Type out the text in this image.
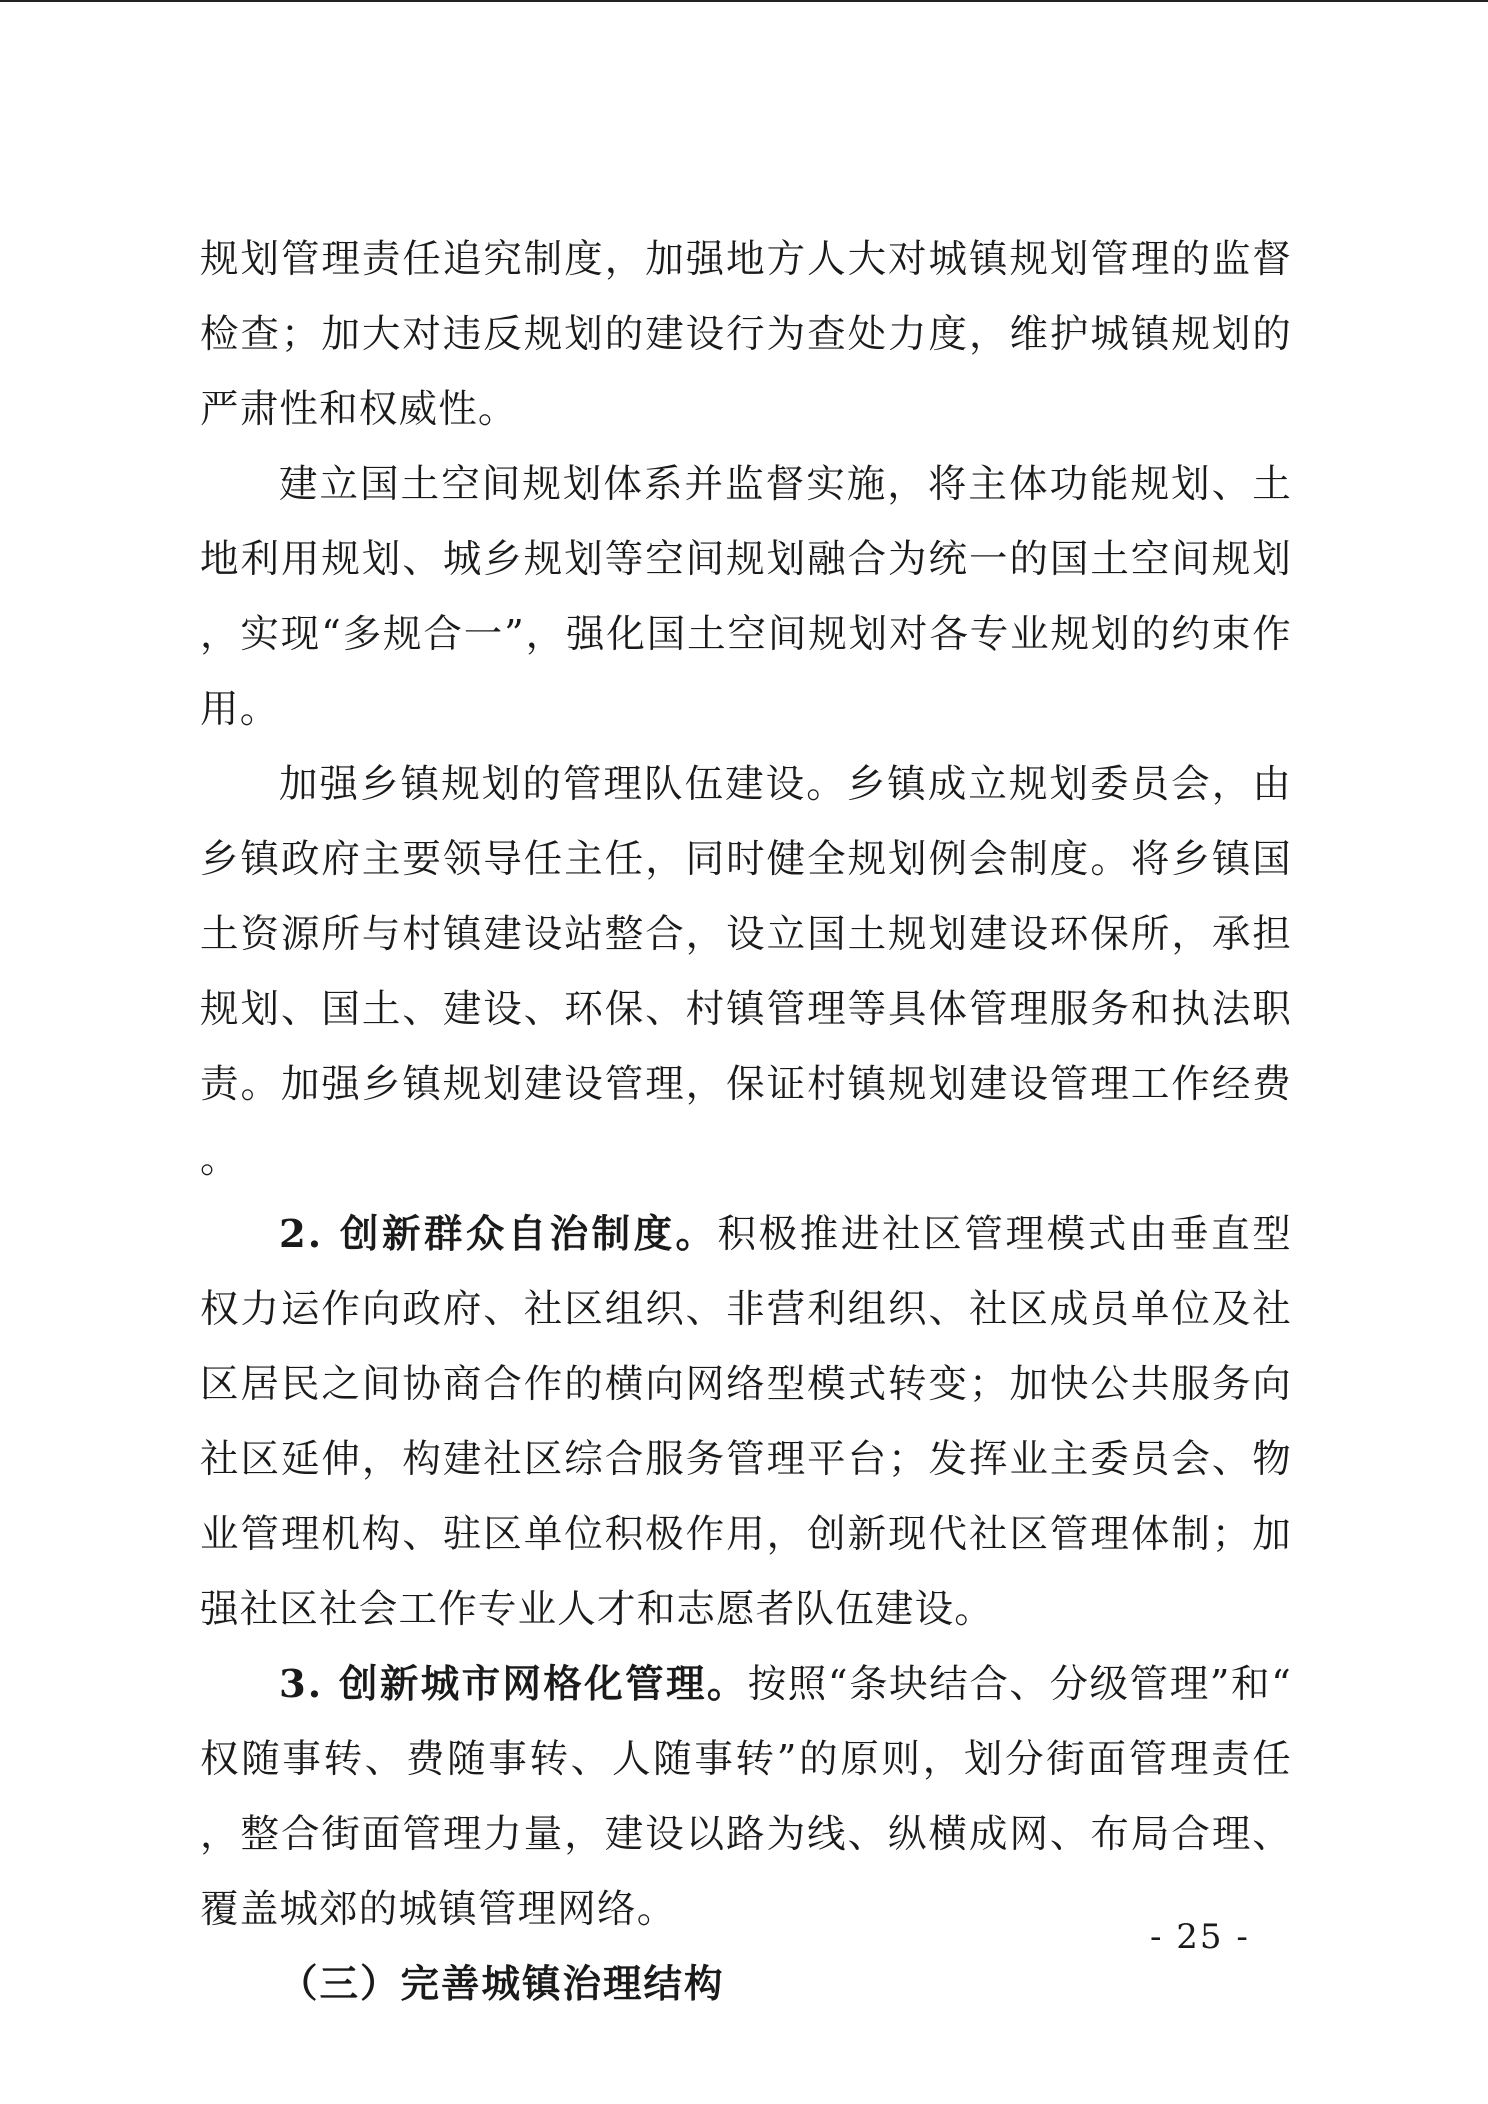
规划管理责任追究制度，加强地方人大对城镇规划管理的监督检查；加大对违反规划的建设行为查处力度，维护城镇规划的严肃性和权威性。

建立国土空间规划体系并监督实施，将主体功能规划、土地利用规划、城乡规划等空间规划融合为统一的国土空间规划，实现“多规合一”，强化国土空间规划对各专业规划的约束作用。

加强乡镇规划的管理队伍建设。乡镇成立规划委员会，由乡镇政府主要领导任主任，同时健全规划例会制度。将乡镇国土资源所与村镇建设站整合，设立国土规划建设环保所，承担规划、国土、建设、环保、村镇管理等具体管理服务和执法职责。加强乡镇规划建设管理，保证村镇规划建设管理工作经费。

2. 创新群众自治制度。积极推进社区管理模式由垂直型权力运作向政府、社区组织、非营利组织、社区成员单位及社区居民之间协商合作的横向网络型模式转变；加快公共服务向社区延伸，构建社区综合服务管理平台；发挥业主委员会、物业管理机构、驻区单位积极作用，创新现代社区管理体制；加强社区社会工作专业人才和志愿者队伍建设。

3. 创新城市网格化管理。按照“条块结合、分级管理”和“权随事转、费随事转、人随事转”的原则，划分街面管理责任，整合街面管理力量，建设以路为线、纵横成网、布局合理、覆盖城郊的城镇管理网络。

（三）完善城镇治理结构

- 25 -
